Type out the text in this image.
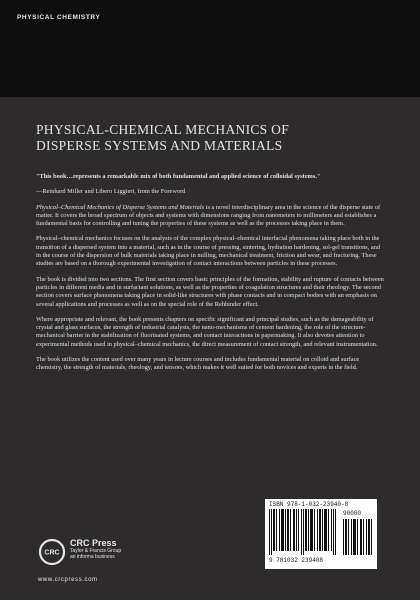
PHYSICAL CHEMISTRY
PHYSICAL-CHEMICAL MECHANICS OF
DISPERSE SYSTEMS AND MATERIALS

"This book…represents a remarkable mix of both fundamental and applied science of colloidal systems."

—Reinhard Miller and Libero Liggieri, from the Foreword

Physical–Chemical Mechanics of Disperse Systems and Materials is a novel interdisciplinary area in the science of the disperse state of matter. It covers the broad spectrum of objects and systems with dimensions ranging from nanometers to millimeters and establishes a fundamental basis for controlling and tuning the properties of these systems as well as the processes taking place in them.

Physical–chemical mechanics focuses on the analysis of the complex physical–chemical interfacial phenomena taking place both in the transition of a dispersed system into a material, such as in the course of pressing, sintering, hydration hardening, sol-gel transitions, and in the course of the dispersion of bulk materials taking place in milling, mechanical treatment, friction and wear, and fracturing. These studies are based on a thorough experimental investigation of contact interactions between particles in these processes.

The book is divided into two sections. The first section covers basic principles of the formation, stability and rupture of contacts between particles in different media and in surfactant solutions, as well as the properties of coagulation structures and their rheology. The second section covers surface phenomena taking place in solid-like structures with phase contacts and in compact bodies with an emphasis on several applications and processes as well as on the special role of the Rehbinder effect.

Where appropriate and relevant, the book presents chapters on specific significant and principal studies, such as the damageability of crystal and glass surfaces, the strength of industrial catalysts, the nano-mechanisms of cement hardening, the role of the structure-mechanical barrier in the stabilization of fluorinated systems, and contact interactions in papermaking. It also devotes attention to experimental methods used in physical–chemical mechanics, the direct measurement of contact strength, and relevant instrumentation.

The book utilizes the content used over many years in lecture courses and includes fundamental material on colloid and surface chemistry, the strength of materials, rheology, and tensors, which makes it well suited for both novices and experts in the field.

ISBN 978-1-032-23940-8
90000
9 781032 239408
CRC
CRC Press
Taylor & Francis Group
an informa business
www.crcpress.com
